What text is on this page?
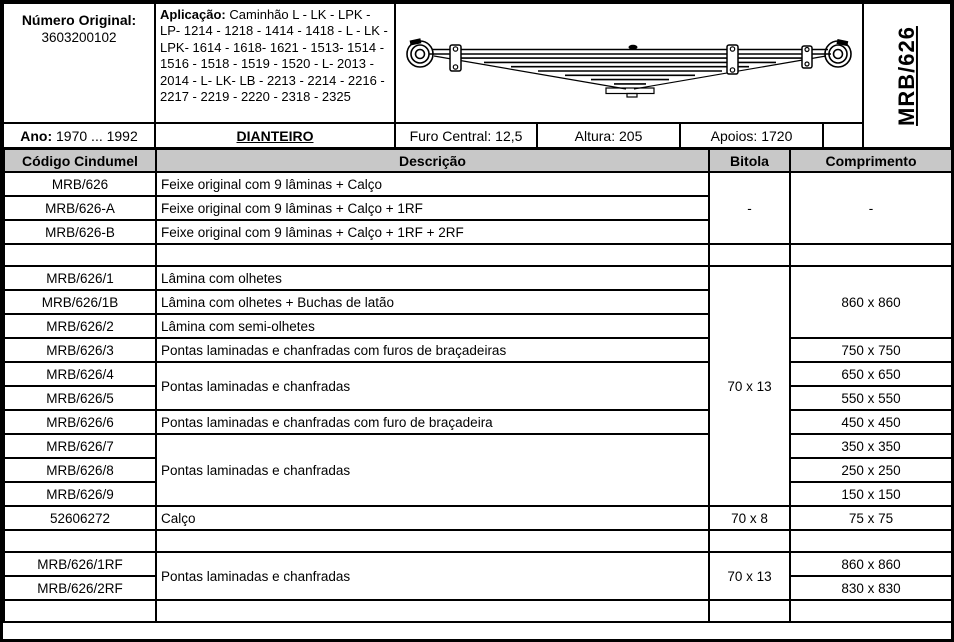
Número Original:
3603200102
Aplicação: Caminhão L - LK - LPK - LP- 1214 - 1218 - 1414 - 1418 - L - LK - LPK- 1614 - 1618- 1621 - 1513- 1514 - 1516 - 1518 - 1519 - 1520 - L- 2013 - 2014 - L- LK- LB - 2213 - 2214 - 2216 - 2217 - 2219 - 2220 - 2318 - 2325	MRB/626
Ano:
1970 ... 1992	DIANTEIRO	Furo Central: 12,5	Altura: 205	Apoios: 1720
Código Cindumel	Descrição	Bitola	Comprimento
MRB/626	Feixe original com 9 lâminas + Calço	-	-
MRB/626-A	Feixe original com 9 lâminas + Calço + 1RF		
MRB/626-B	Feixe original com 9 lâminas + Calço + 1RF + 2RF		

MRB/626/1	Lâmina com olhetes	70 x 13	860 x 860
MRB/626/1B	Lâmina com olhetes + Buchas de latão		
MRB/626/2	Lâmina com semi-olhetes		
MRB/626/3	Pontas laminadas e chanfradas com furos de braçadeiras		750 x 750
MRB/626/4	Pontas laminadas e chanfradas		650 x 650
MRB/626/5			550 x 550
MRB/626/6	Pontas laminadas e chanfradas com furo de braçadeira		450 x 450
MRB/626/7	Pontas laminadas e chanfradas		350 x 350
MRB/626/8			250 x 250
MRB/626/9			150 x 150
52606272	Calço	70 x 8	75 x 75

MRB/626/1RF	Pontas laminadas e chanfradas	70 x 13	860 x 860
MRB/626/2RF			830 x 830
